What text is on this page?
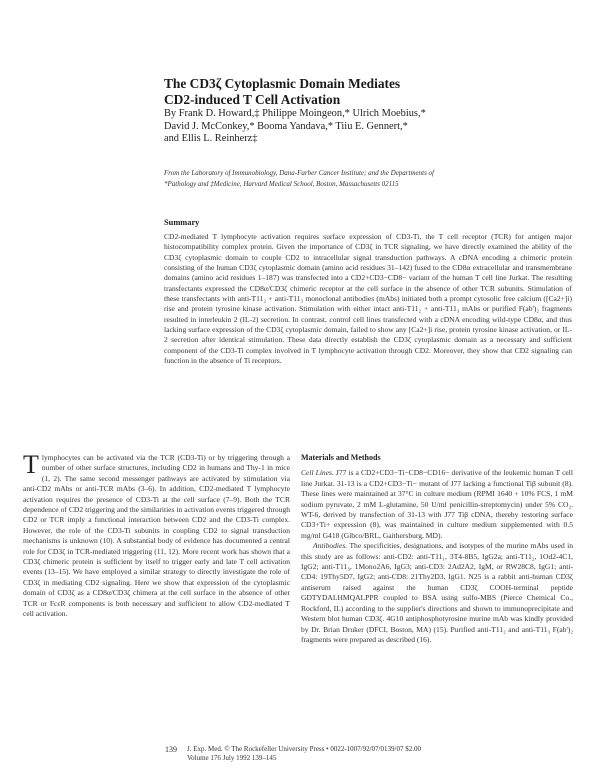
The CD3ζ Cytoplasmic Domain Mediates
CD2-induced T Cell Activation
By Frank D. Howard,‡ Philippe Moingeon,* Ulrich Moebius,*
David J. McConkey,* Booma Yandava,* Tiiu E. Gennert,*
and Ellis L. Reinherz‡
From the Laboratory of Immunobiology, Dana-Farber Cancer Institute; and the Departments of
*Pathology and ‡Medicine, Harvard Medical School, Boston, Massachusetts 02115
Summary
CD2-mediated T lymphocyte activation requires surface expression of CD3-Ti, the T cell receptor (TCR) for antigen major histocompatibility complex protein. Given the importance of CD3ζ in TCR signaling, we have directly examined the ability of the CD3ζ cytoplasmic domain to couple CD2 to intracellular signal transduction pathways. A cDNA encoding a chimeric protein consisting of the human CD3ζ cytoplasmic domain (amino acid residues 31–142) fused to the CD8α extracellular and transmembrane domains (amino acid residues 1–187) was transfected into a CD2+CD3−CD8− variant of the human T cell line Jurkat. The resulting transfectants expressed the CD8α/CD3ζ chimeric receptor at the cell surface in the absence of other TCR subunits. Stimulation of these transfectants with anti-T11₂ + anti-T11₃ monoclonal antibodies (mAbs) initiated both a prompt cytosolic free calcium ([Ca2+]i) rise and protein tyrosine kinase activation. Stimulation with either intact anti-T11₂ + anti-T11₃ mAbs or purified F(ab')₂ fragments resulted in interleukin 2 (IL-2) secretion. In contrast, control cell lines transfected with a cDNA encoding wild-type CD8α, and thus lacking surface expression of the CD3ζ cytoplasmic domain, failed to show any [Ca2+]i rise, protein tyrosine kinase activation, or IL-2 secretion after identical stimulation. These data directly establish the CD3ζ cytoplasmic domain as a necessary and sufficient component of the CD3-Ti complex involved in T lymphocyte activation through CD2. Moreover, they show that CD2 signaling can function in the absence of Ti receptors.
T lymphocytes can be activated via the TCR (CD3-Ti) or by triggering through a number of other surface structures, including CD2 in humans and Thy-1 in mice (1, 2). The same second messenger pathways are activated by stimulation via anti-CD2 mAbs or anti-TCR mAbs (3–6). In addition, CD2-mediated T lymphocyte activation requires the presence of CD3-Ti at the cell surface (7–9). Both the TCR dependence of CD2 triggering and the similarities in activation events triggered through CD2 or TCR imply a functional interaction between CD2 and the CD3-Ti complex. However, the role of the CD3-Ti subunits in coupling CD2 to signal transduction mechanisms is unknown (10). A substantial body of evidence has documented a central role for CD3ζ in TCR-mediated triggering (11, 12). More recent work has shown that a CD3ζ chimeric protein is sufficient by itself to trigger early and late T cell activation events (13–15). We have employed a similar strategy to directly investigate the role of CD3ζ in mediating CD2 signaling. Here we show that expression of the cytoplasmic domain of CD3ζ as a CD8α/CD3ζ chimera at the cell surface in the absence of other TCR or FcεR components is both necessary and sufficient to allow CD2-mediated T cell activation.
Materials and Methods

Cell Lines. J77 is a CD2+CD3−Ti−CD8−CD16− derivative of the leukemic human T cell line Jurkat. 31-13 is a CD2+CD3−Ti− mutant of J77 lacking a functional Tiβ subunit (8). These lines were maintained at 37°C in culture medium (RPMI 1640 + 10% FCS, 1 mM sodium pyruvate, 2 mM L-glutamine, 50 U/ml penicillin-streptomycin) under 5% CO₂. WT-6, derived by transfection of 31-13 with J77 Tiβ cDNA, thereby restoring surface CD3+Ti+ expression (8), was maintained in culture medium supplemented with 0.5 mg/ml G418 (Gibco/BRL, Gaithersburg, MD).

Antibodies. The specificities, designations, and isotypes of the murine mAbs used in this study are as follows: anti-CD2: anti-T11₁, 3T4-8B5, IgG2a; anti-T11₂, 1Od2-4C1, IgG2; anti-T11₃, 1Mono2A6, IgG3; anti-CD3: 2Ad2A2, IgM, or RW28C8, IgG1; anti-CD4: 19Thy5D7, IgG2; anti-CD8: 21Thy2D3, IgG1. N25 is a rabbit anti-human CD3ζ antiserum raised against the human CD3ζ COOH-terminal peptide GDTYDALHMQALPPR coupled to BSA using sulfo-MBS (Pierce Chemical Co., Rockford, IL) according to the supplier's directions and shown to immunoprecipitate and Western blot human CD3ζ. 4G10 antiphosphotyrosine murine mAb was kindly provided by Dr. Brian Druker (DFCI, Boston, MA) (15). Purified anti-T11₂ and anti-T11₃ F(ab')₂ fragments were prepared as described (16).

139 J. Exp. Med. © The Rockefeller University Press • 0022-1007/92/07/0139/07 $2.00
Volume 176 July 1992 139–145
